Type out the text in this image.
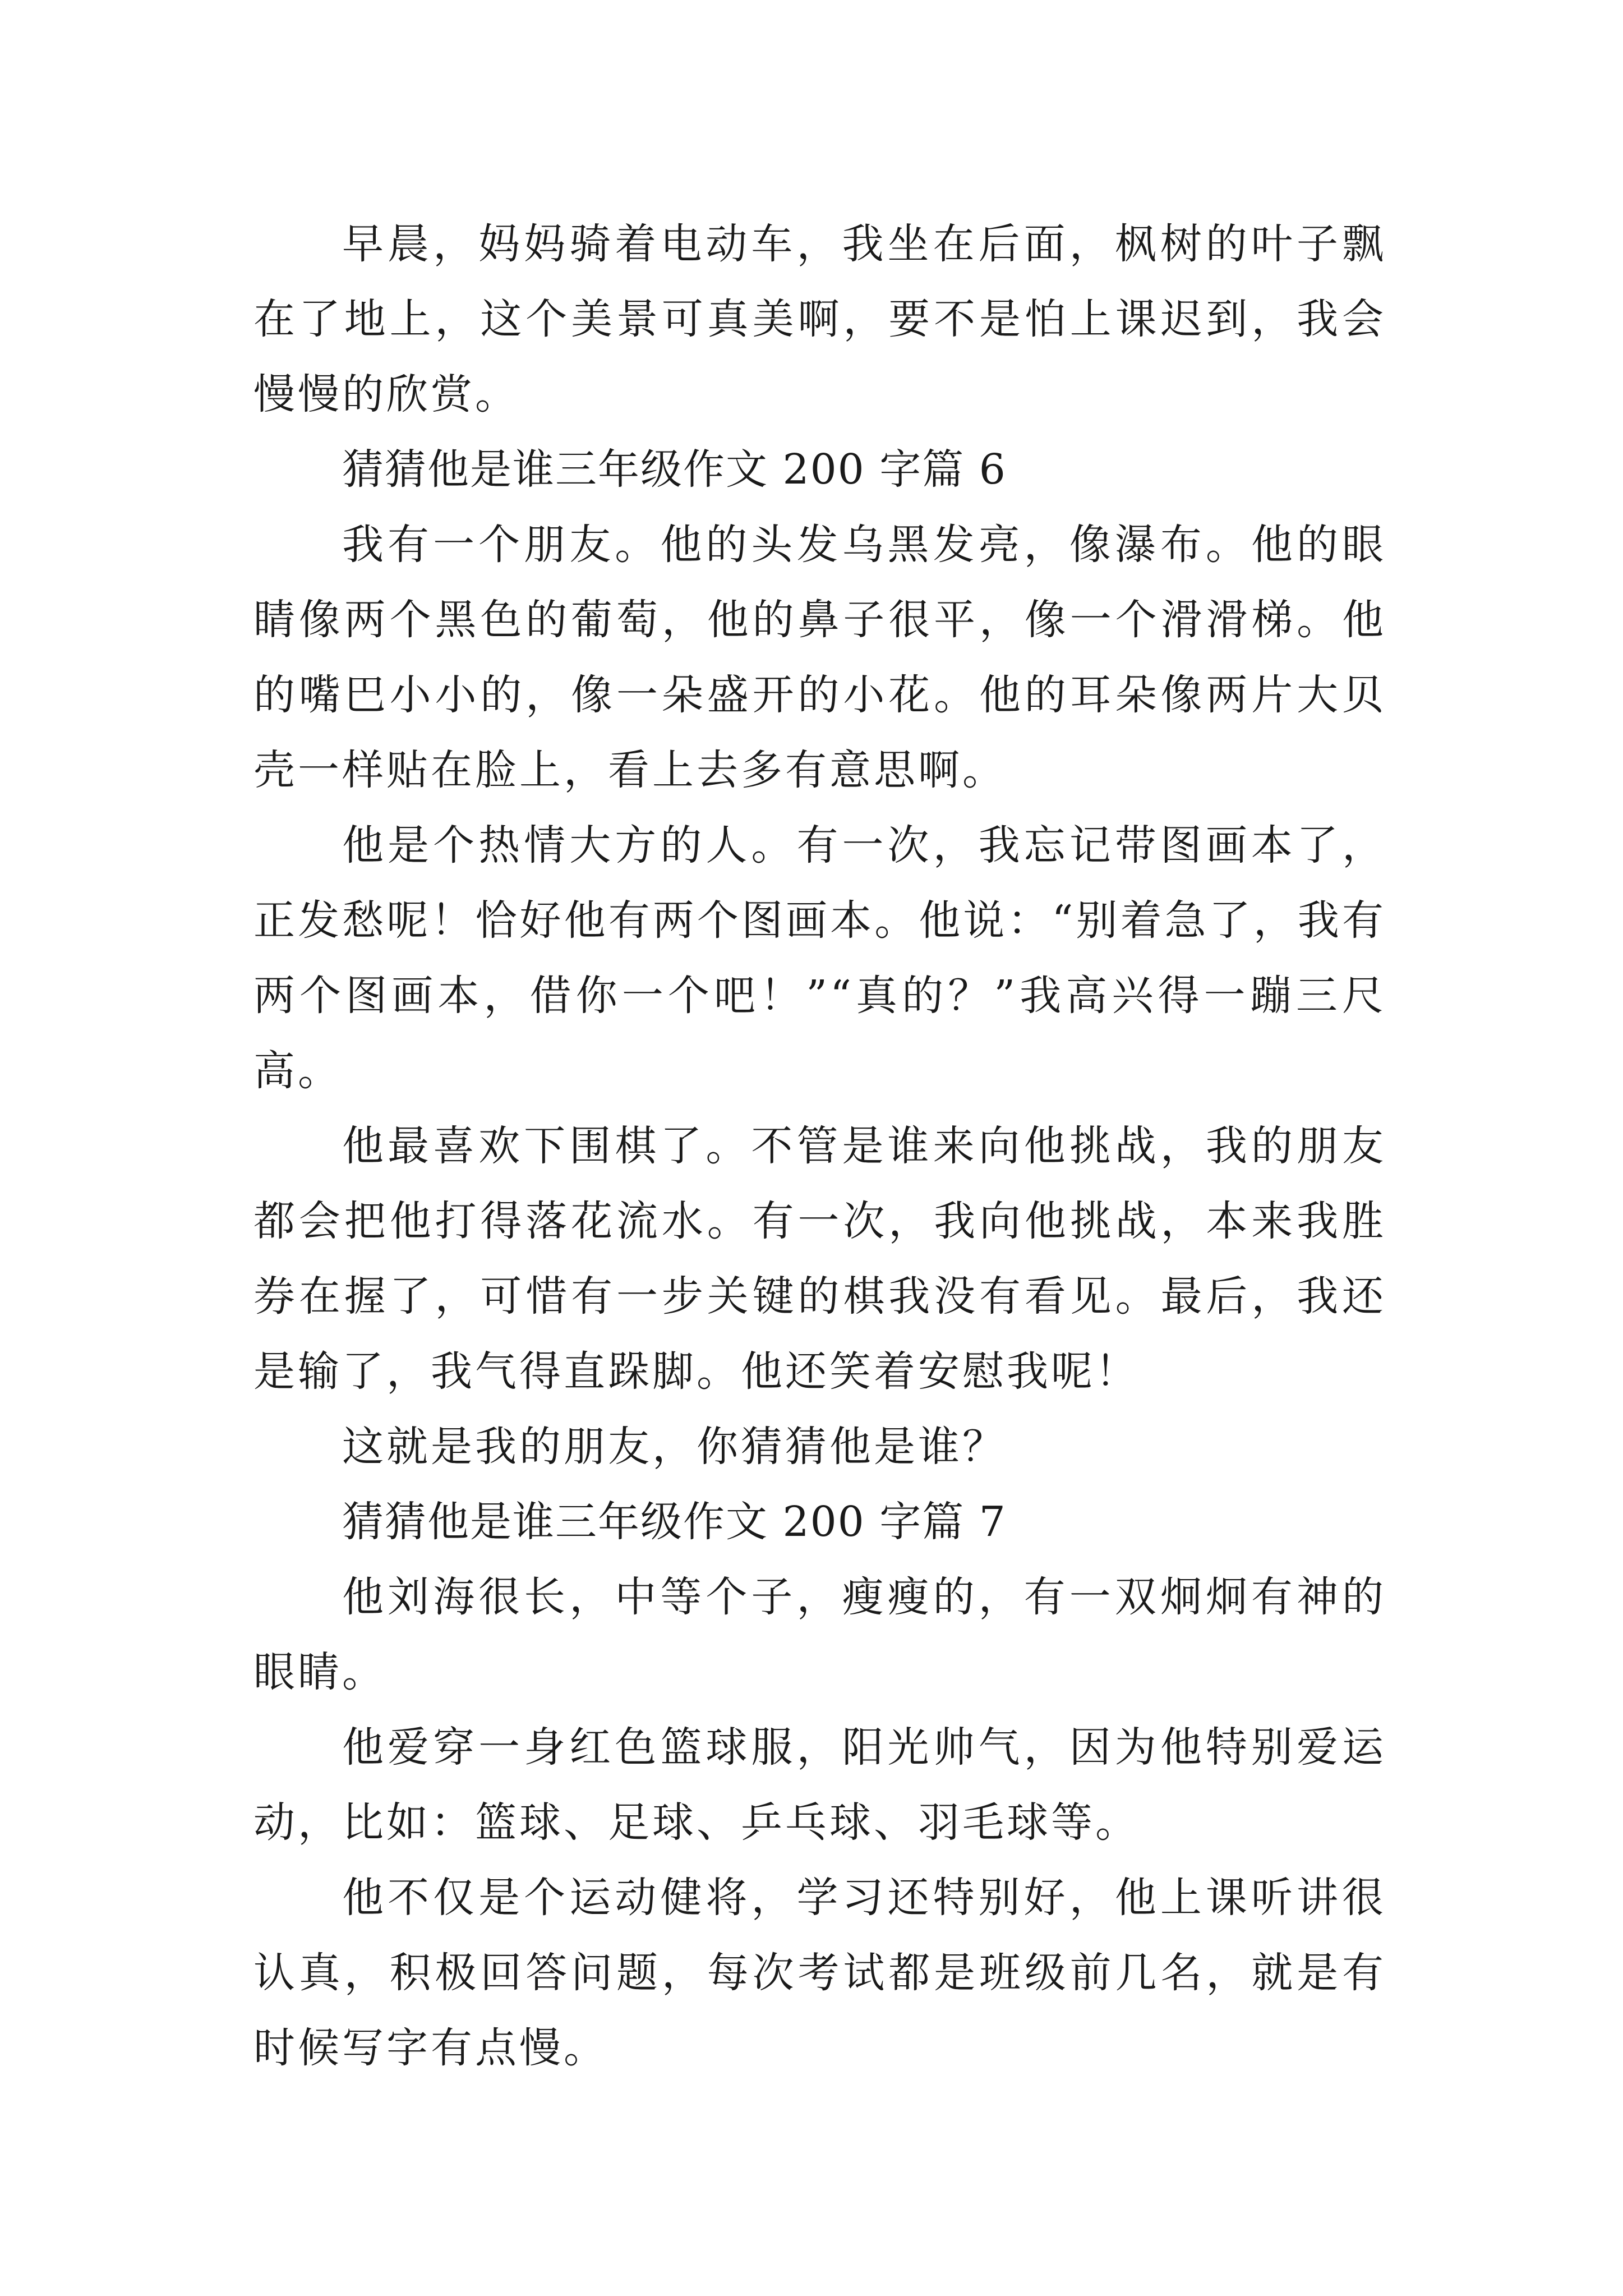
早晨，妈妈骑着电动车，我坐在后面，枫树的叶子飘在了地上，这个美景可真美啊，要不是怕上课迟到，我会慢慢的欣赏。

猜猜他是谁三年级作文 200 字篇 6

我有一个朋友。他的头发乌黑发亮，像瀑布。他的眼睛像两个黑色的葡萄，他的鼻子很平，像一个滑滑梯。他的嘴巴小小的，像一朵盛开的小花。他的耳朵像两片大贝壳一样贴在脸上，看上去多有意思啊。

他是个热情大方的人。有一次，我忘记带图画本了，正发愁呢！恰好他有两个图画本。他说：“别着急了，我有两个图画本，借你一个吧！”“真的？”我高兴得一蹦三尺高。

他最喜欢下围棋了。不管是谁来向他挑战，我的朋友都会把他打得落花流水。有一次，我向他挑战，本来我胜券在握了，可惜有一步关键的棋我没有看见。最后，我还是输了，我气得直跺脚。他还笑着安慰我呢！

这就是我的朋友，你猜猜他是谁？

猜猜他是谁三年级作文 200 字篇 7

他刘海很长，中等个子，瘦瘦的，有一双炯炯有神的眼睛。

他爱穿一身红色篮球服，阳光帅气，因为他特别爱运动，比如：篮球、足球、乒乓球、羽毛球等。

他不仅是个运动健将，学习还特别好，他上课听讲很认真，积极回答问题，每次考试都是班级前几名，就是有时候写字有点慢。
